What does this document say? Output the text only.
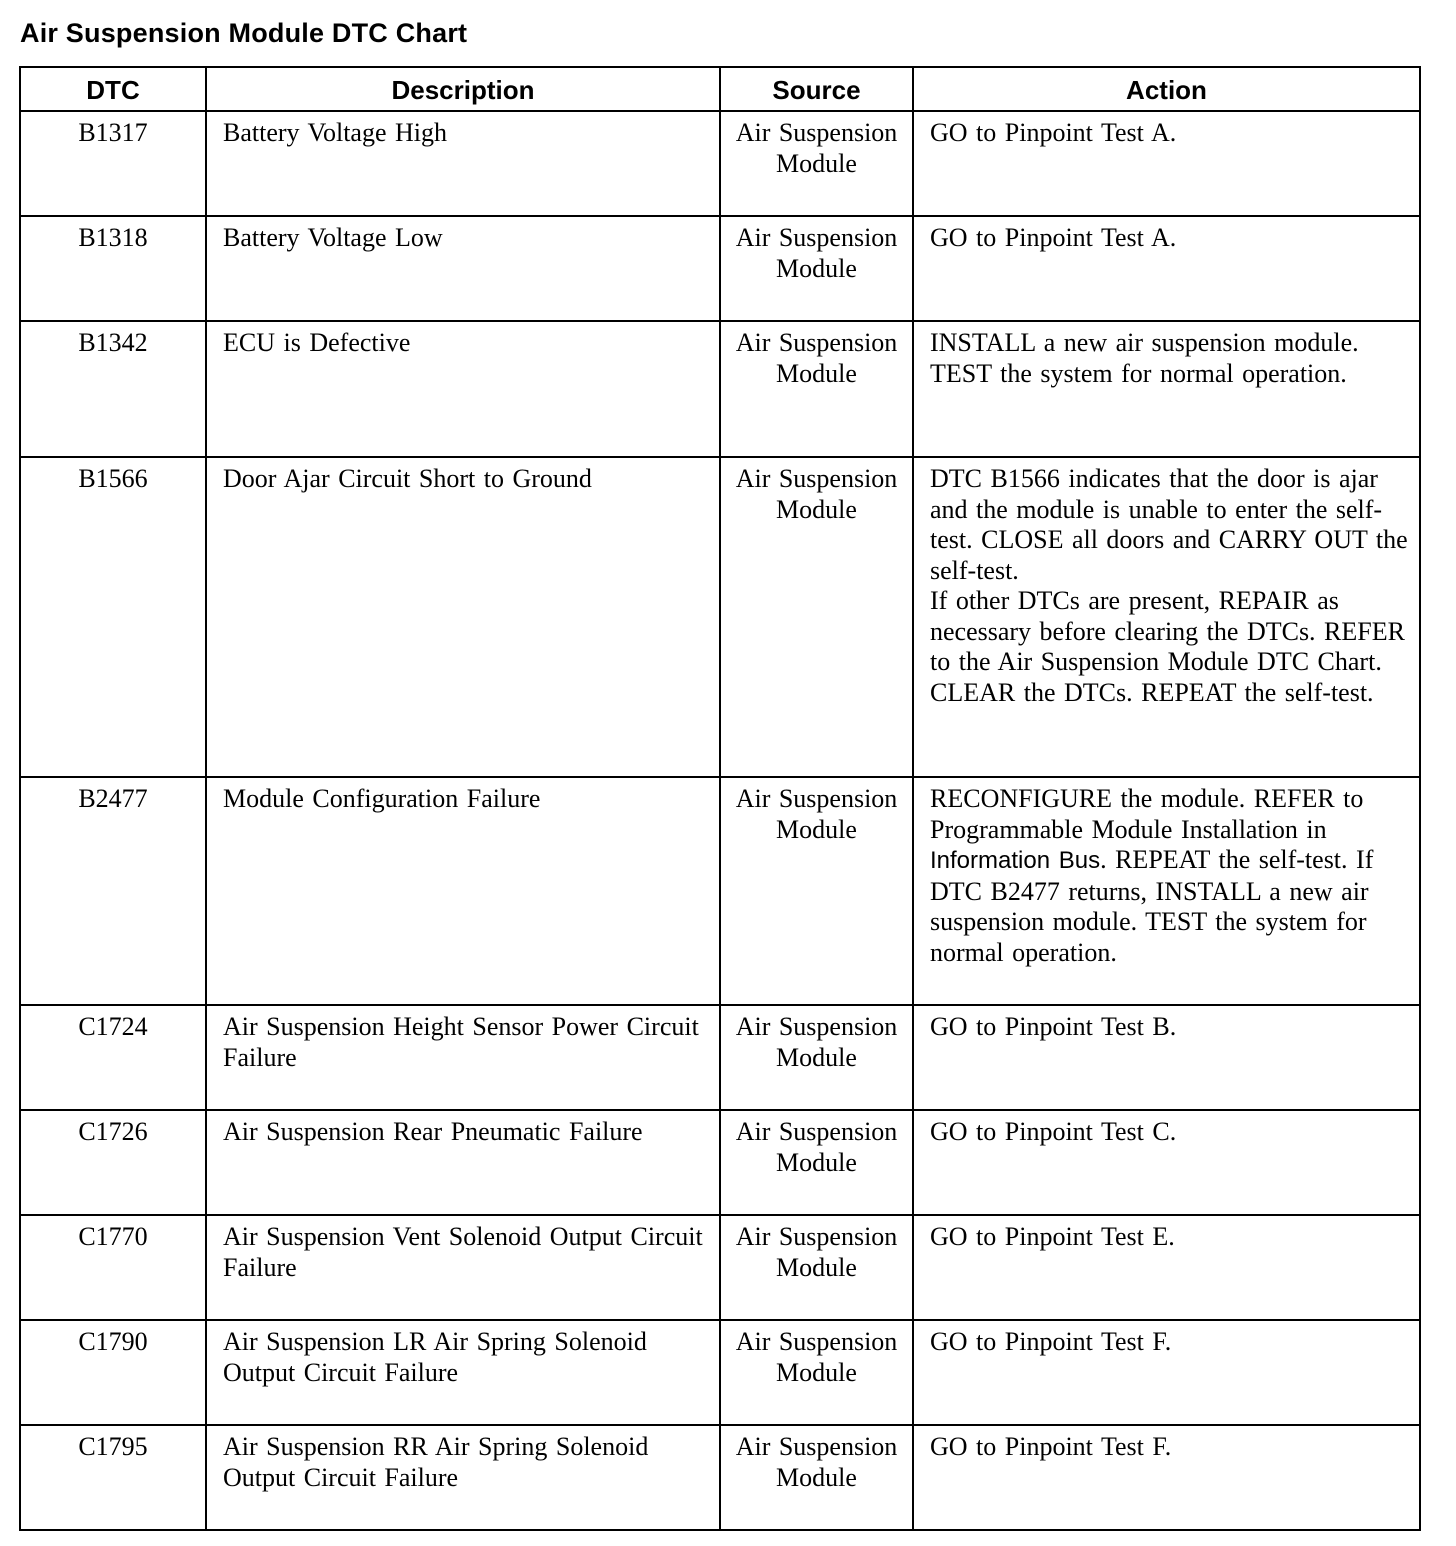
Air Suspension Module DTC Chart
DTC	Description	Source	Action
B1317	Battery Voltage High	Air Suspension Module	GO to Pinpoint Test A.

B1318	Battery Voltage Low	Air Suspension Module	GO to Pinpoint Test A.

B1342	ECU is Defective	Air Suspension Module	INSTALL a new air suspension module. TEST the system for normal operation.

B1566	Door Ajar Circuit Short to Ground	Air Suspension Module	DTC B1566 indicates that the door is ajar and the module is unable to enter the self-test. CLOSE all doors and CARRY OUT the self-test.
If other DTCs are present, REPAIR as necessary before clearing the DTCs. REFER to the Air Suspension Module DTC Chart.
CLEAR the DTCs. REPEAT the self-test.

B2477	Module Configuration Failure	Air Suspension Module	RECONFIGURE the module. REFER to Programmable Module Installation in Information Bus. REPEAT the self-test. If DTC B2477 returns, INSTALL a new air suspension module. TEST the system for normal operation.
C1724	Air Suspension Height Sensor Power Circuit Failure	Air Suspension Module	GO to Pinpoint Test B.

C1726	Air Suspension Rear Pneumatic Failure	Air Suspension Module	GO to Pinpoint Test C.

C1770	Air Suspension Vent Solenoid Output Circuit Failure	Air Suspension Module	GO to Pinpoint Test E.

C1790	Air Suspension LR Air Spring Solenoid Output Circuit Failure	Air Suspension Module	GO to Pinpoint Test F.

C1795	Air Suspension RR Air Spring Solenoid Output Circuit Failure	Air Suspension Module	GO to Pinpoint Test F.
